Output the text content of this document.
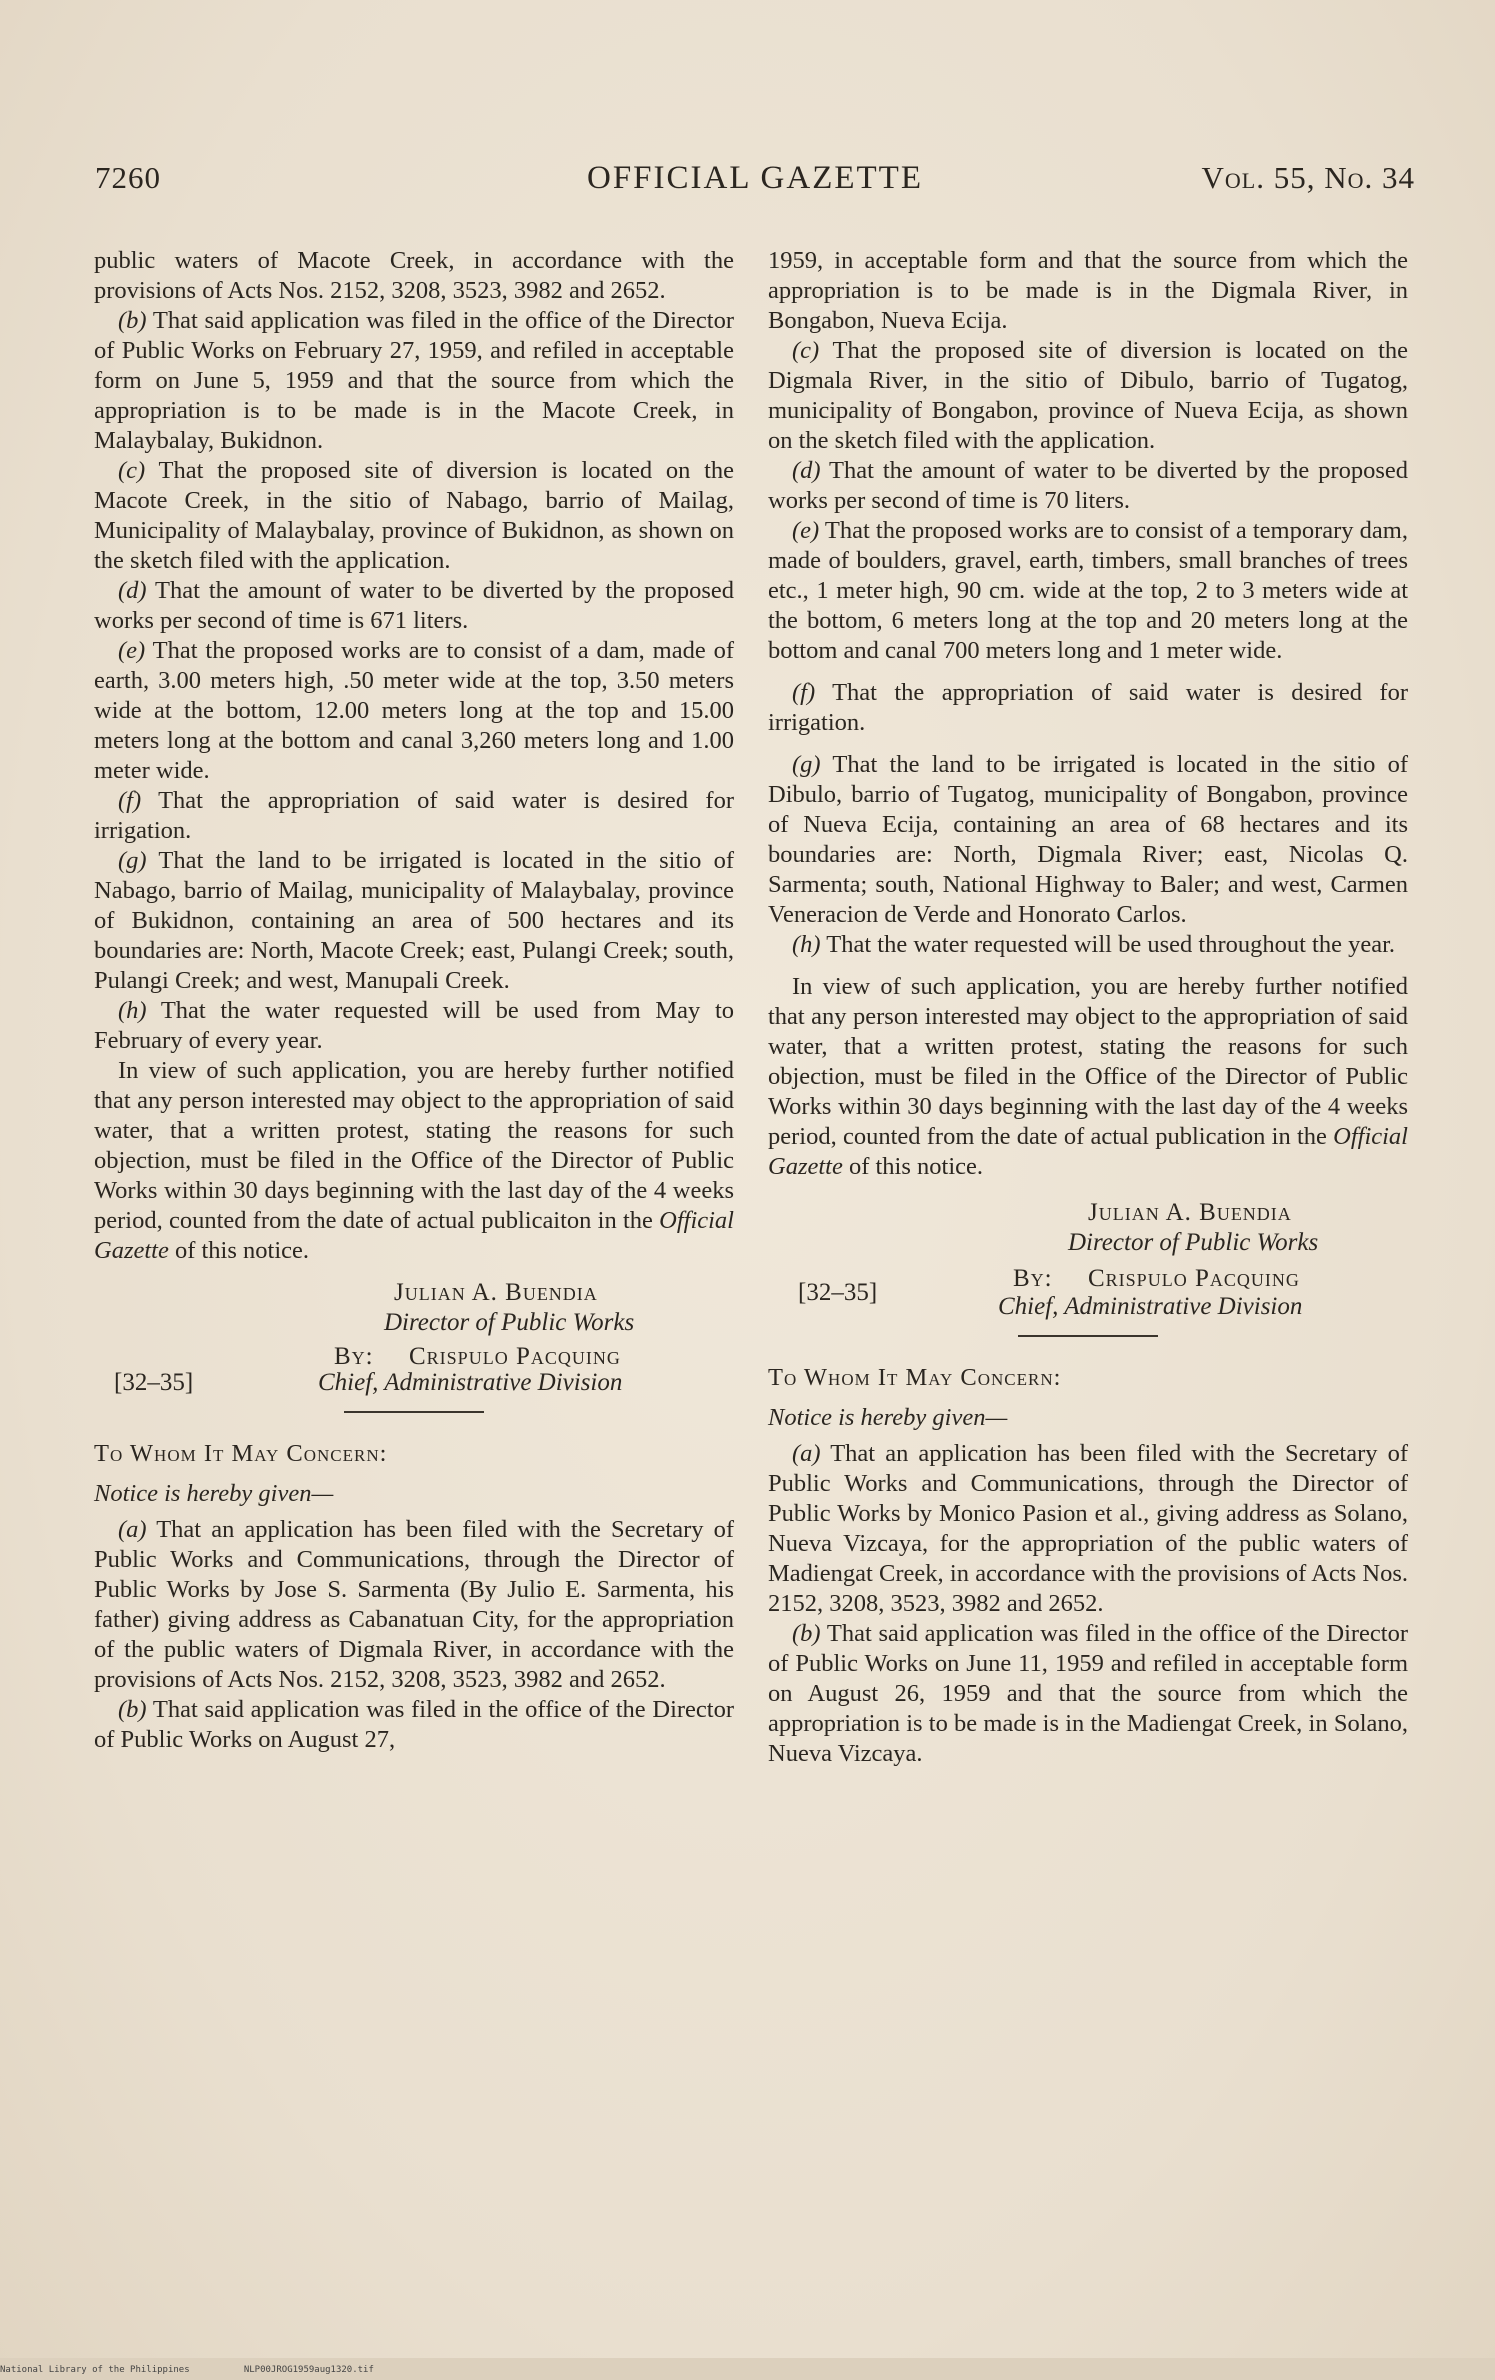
7260	OFFICIAL GAZETTE	Vol. 55, No. 34

public waters of Macote Creek, in accordance with the provisions of Acts Nos. 2152, 3208, 3523, 3982 and 2652.

(b) That said application was filed in the office of the Director of Public Works on February 27, 1959, and refiled in acceptable form on June 5, 1959 and that the source from which the appropriation is to be made is in the Macote Creek, in Malaybalay, Bukidnon.

(c) That the proposed site of diversion is located on the Macote Creek, in the sitio of Nabago, barrio of Mailag, Municipality of Malaybalay, province of Bukidnon, as shown on the sketch filed with the application.

(d) That the amount of water to be diverted by the proposed works per second of time is 671 liters.

(e) That the proposed works are to consist of a dam, made of earth, 3.00 meters high, .50 meter wide at the top, 3.50 meters wide at the bottom, 12.00 meters long at the top and 15.00 meters long at the bottom and canal 3,260 meters long and 1.00 meter wide.

(f) That the appropriation of said water is desired for irrigation.

(g) That the land to be irrigated is located in the sitio of Nabago, barrio of Mailag, municipality of Malaybalay, province of Bukidnon, containing an area of 500 hectares and its boundaries are: North, Macote Creek; east, Pulangi Creek; south, Pulangi Creek; and west, Manupali Creek.

(h) That the water requested will be used from May to February of every year.

In view of such application, you are hereby further notified that any person interested may object to the appropriation of said water, that a written protest, stating the reasons for such objection, must be filed in the Office of the Director of Public Works within 30 days beginning with the last day of the 4 weeks period, counted from the date of actual publicaiton in the Official Gazette of this notice.

Julian A. Buendia
Director of Public Works
By: Crispulo Pacquing
[32–35]	Chief, Administrative Division

To Whom It May Concern:

Notice is hereby given—

(a) That an application has been filed with the Secretary of Public Works and Communications, through the Director of Public Works by Jose S. Sarmenta (By Julio E. Sarmenta, his father) giving address as Cabanatuan City, for the appropriation of the public waters of Digmala River, in accordance with the provisions of Acts Nos. 2152, 3208, 3523, 3982 and 2652.

(b) That said application was filed in the office of the Director of Public Works on August 27,

1959, in acceptable form and that the source from which the appropriation is to be made is in the Digmala River, in Bongabon, Nueva Ecija.

(c) That the proposed site of diversion is located on the Digmala River, in the sitio of Dibulo, barrio of Tugatog, municipality of Bongabon, province of Nueva Ecija, as shown on the sketch filed with the application.

(d) That the amount of water to be diverted by the proposed works per second of time is 70 liters.

(e) That the proposed works are to consist of a temporary dam, made of boulders, gravel, earth, timbers, small branches of trees etc., 1 meter high, 90 cm. wide at the top, 2 to 3 meters wide at the bottom, 6 meters long at the top and 20 meters long at the bottom and canal 700 meters long and 1 meter wide.

(f) That the appropriation of said water is desired for irrigation.

(g) That the land to be irrigated is located in the sitio of Dibulo, barrio of Tugatog, municipality of Bongabon, province of Nueva Ecija, containing an area of 68 hectares and its boundaries are: North, Digmala River; east, Nicolas Q. Sarmenta; south, National Highway to Baler; and west, Carmen Veneracion de Verde and Honorato Carlos.

(h) That the water requested will be used throughout the year.

In view of such application, you are hereby further notified that any person interested may object to the appropriation of said water, that a written protest, stating the reasons for such objection, must be filed in the Office of the Director of Public Works within 30 days beginning with the last day of the 4 weeks period, counted from the date of actual publication in the Official Gazette of this notice.

Julian A. Buendia
Director of Public Works
By: Crispulo Pacquing
[32–35]
Chief, Administrative Division

To Whom It May Concern:

Notice is hereby given—

(a) That an application has been filed with the Secretary of Public Works and Communications, through the Director of Public Works by Monico Pasion et al., giving address as Solano, Nueva Vizcaya, for the appropriation of the public waters of Madiengat Creek, in accordance with the provisions of Acts Nos. 2152, 3208, 3523, 3982 and 2652.

(b) That said application was filed in the office of the Director of Public Works on June 11, 1959 and refiled in acceptable form on August 26, 1959 and that the source from which the appropriation is to be made is in the Madiengat Creek, in Solano, Nueva Vizcaya.

National Library of the Philippines	NLP00JROG1959aug1320.tif
